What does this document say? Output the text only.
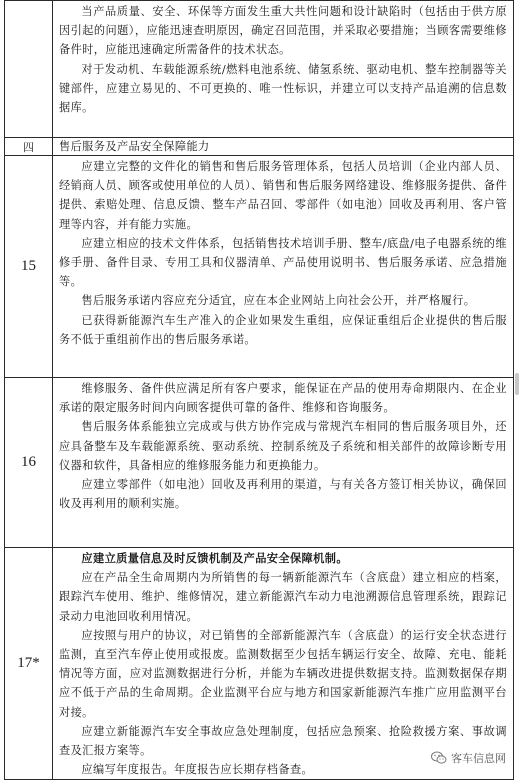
	当产品质量、安全、环保等方面发生重大共性问题和设计缺陷时（包括由于供方原因引起的问题），应能迅速查明原因，确定召回范围，并采取必要措施；当顾客需要维修备件时，应能迅速确定所需备件的技术状态。

对于发动机、车载能源系统/燃料电池系统、储氢系统、驱动电机、整车控制器等关键部件，应建立易见的、不可更换的、唯一性标识，并建立可以支持产品追溯的信息数据库。

四	售后服务及产品安全保障能力

15	应建立完整的文件化的销售和售后服务管理体系，包括人员培训（企业内部人员、经销商人员、顾客或使用单位的人员）、销售和售后服务网络建设、维修服务提供、备件提供、索赔处理、信息反馈、整车产品召回、零部件（如电池）回收及再利用、客户管理等内容，并有能力实施。

应建立相应的技术文件体系，包括销售技术培训手册、整车/底盘/电子电器系统的维修手册、备件目录、专用工具和仪器清单、产品使用说明书、售后服务承诺、应急措施等。

售后服务承诺内容应充分适宜，应在本企业网站上向社会公开，并严格履行。

已获得新能源汽车生产准入的企业如果发生重组，应保证重组后企业提供的售后服务不低于重组前作出的售后服务承诺。

16	维修服务、备件供应满足所有客户要求，能保证在产品的使用寿命期限内、在企业承诺的限定服务时间内向顾客提供可靠的备件、维修和咨询服务。

售后服务体系能独立完成或与供方协作完成与常规汽车相同的售后服务项目外，还应具备整车及车载能源系统、驱动系统、控制系统及子系统和相关部件的故障诊断专用仪器和软件，具备相应的维修服务能力和更换能力。

应建立零部件（如电池）回收及再利用的渠道，与有关各方签订相关协议，确保回收及再利用的顺利实施。

17*	应建立质量信息及时反馈机制及产品安全保障机制。

应在产品全生命周期内为所销售的每一辆新能源汽车（含底盘）建立相应的档案，跟踪汽车使用、维护、维修情况，建立新能源汽车动力电池溯源信息管理系统，跟踪记录动力电池回收利用情况。

应按照与用户的协议，对已销售的全部新能源汽车（含底盘）的运行安全状态进行监测，直至汽车停止使用或报废。监测数据至少包括车辆运行安全、故障、充电、能耗情况等方面，应对监测数据进行分析，并能为车辆改进提供数据支持。监测数据保存期应不低于产品的生命周期。企业监测平台应与地方和国家新能源汽车推广应用监测平台对接。

应建立新能源汽车安全事故应急处理制度，包括应急预案、抢险救援方案、事故调查及汇报方案等。

应编写年度报告。年度报告应长期存档备查。

客车信息网
